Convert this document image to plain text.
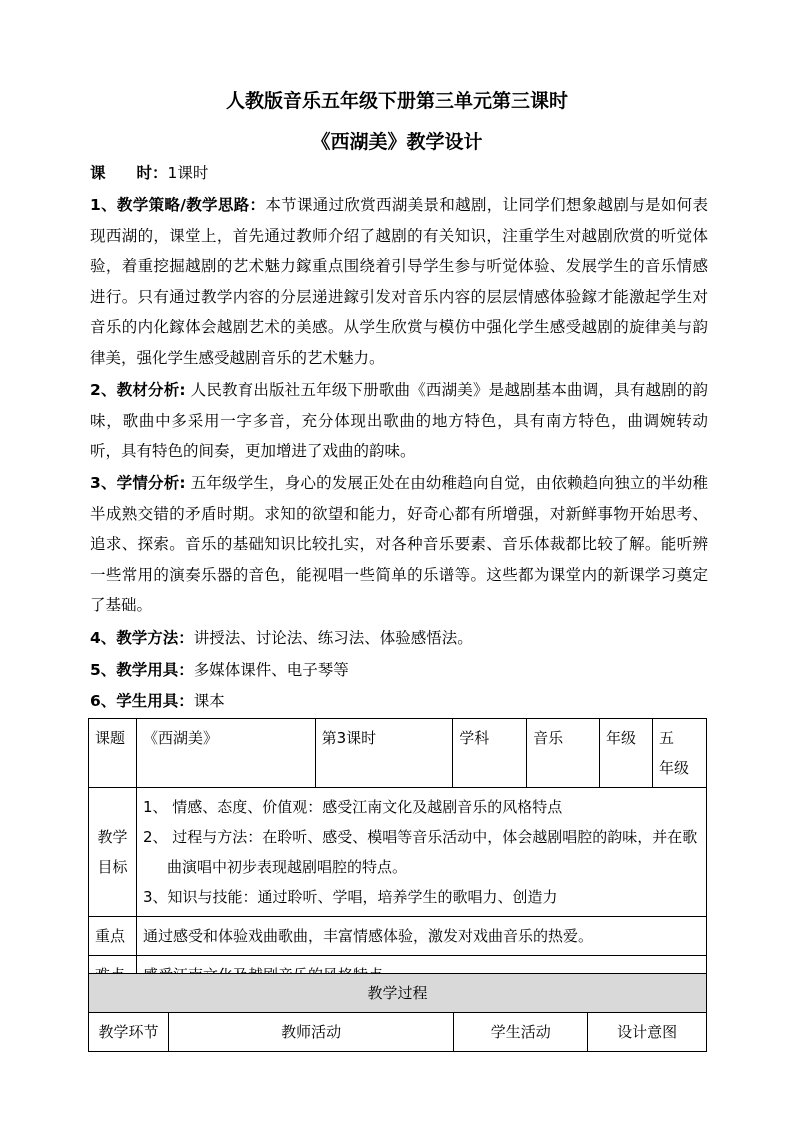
人教版音乐五年级下册第三单元第三课时
《西湖美》教学设计
课　　时：1课时
1、教学策略/教学思路：本节课通过欣赏西湖美景和越剧，让同学们想象越剧与是如何表现西湖的，课堂上，首先通过教师介绍了越剧的有关知识，注重学生对越剧欣赏的听觉体验，着重挖掘越剧的艺术魅力鎵重点围绕着引导学生参与听觉体验、发展学生的音乐情感进行。只有通过教学内容的分层递进鎵引发对音乐内容的层层情感体验鎵才能激起学生对音乐的内化鎵体会越剧艺术的美感。从学生欣赏与模仿中强化学生感受越剧的旋律美与韵律美，强化学生感受越剧音乐的艺术魅力。
2、教材分析: 人民教育出版社五年级下册歌曲《西湖美》是越剧基本曲调，具有越剧的韵味，歌曲中多采用一字多音，充分体现出歌曲的地方特色，具有南方特色，曲调婉转动听，具有特色的间奏，更加增进了戏曲的韵味。
3、学情分析: 五年级学生，身心的发展正处在由幼稚趋向自觉，由依赖趋向独立的半幼稚半成熟交错的矛盾时期。求知的欲望和能力，好奇心都有所增强，对新鲜事物开始思考、追求、探索。音乐的基础知识比较扎实，对各种音乐要素、音乐体裁都比较了解。能听辨一些常用的演奏乐器的音色，能视唱一些简单的乐谱等。这些都为课堂内的新课学习奠定了基础。
4、教学方法：讲授法、讨论法、练习法、体验感悟法。
5、教学用具：多媒体课件、电子琴等
6、学生用具：课本
课题	《西湖美》	第3课时	学科	音乐	年级	五　年级
教学目标	1、 情感、态度、价值观：感受江南文化及越剧音乐的风格特点
2、 过程与方法：在聆听、感受、模唱等音乐活动中，体会越剧唱腔的韵味，并在歌曲演唱中初步表现越剧唱腔的特点。
3、知识与技能：通过聆听、学唱，培养学生的歌唱力、创造力					

重点	通过感受和体验戏曲歌曲，丰富情感体验，激发对戏曲音乐的热爱。					

教学过程
教学环节	教师活动	学生活动	设计意图
